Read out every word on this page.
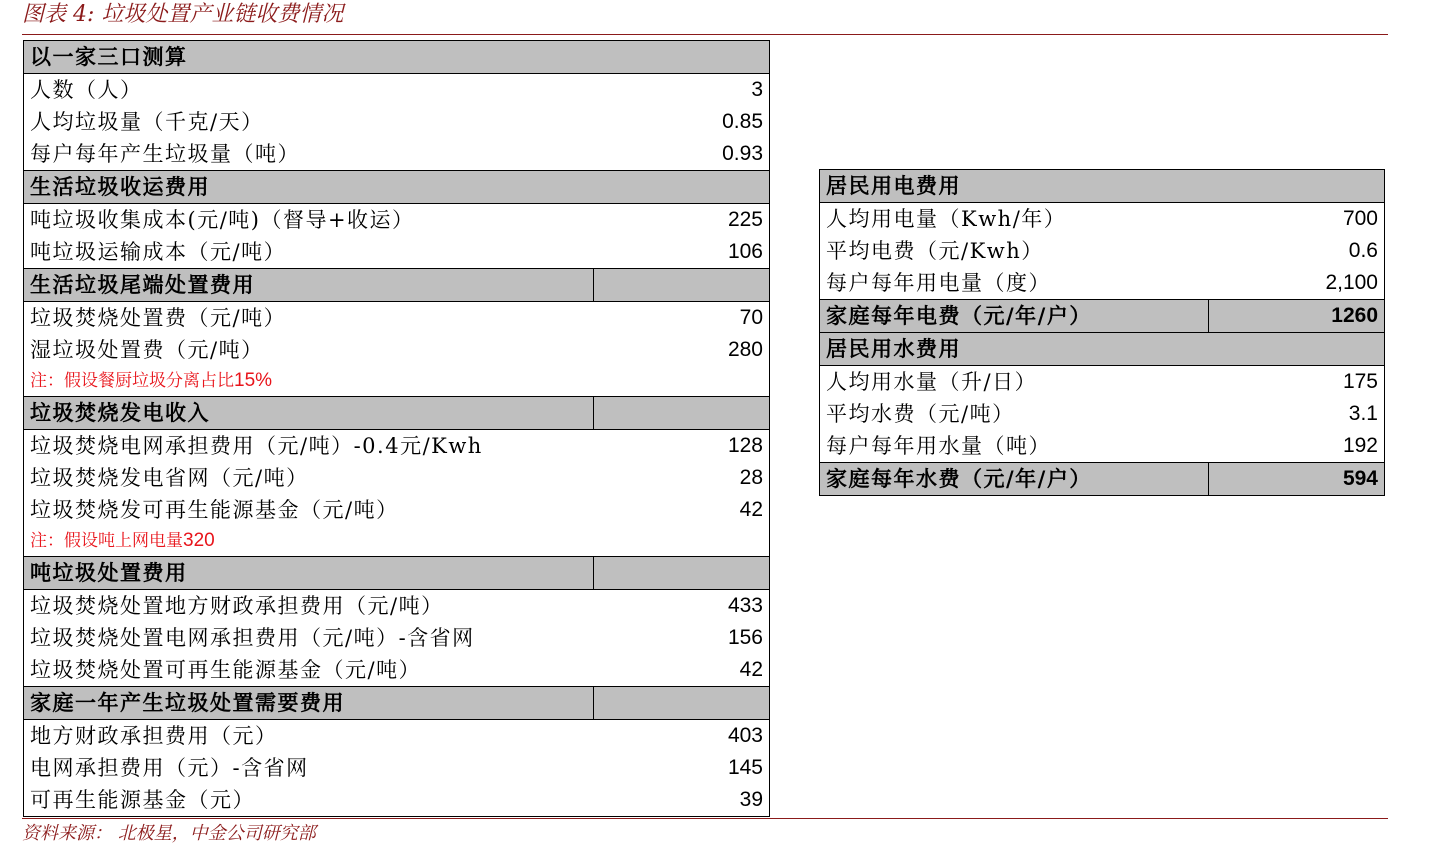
图表 4: 垃圾处置产业链收费情况
以一家三口测算	
人数（人）	3
人均垃圾量（千克/天）	0.85
每户每年产生垃圾量（吨）	0.93
生活垃圾收运费用	
吨垃圾收集成本(元/吨)（督导+收运）	225
吨垃圾运输成本（元/吨）	106
生活垃圾尾端处置费用	
垃圾焚烧处置费（元/吨）	70
湿垃圾处置费（元/吨）	280
注：假设餐厨垃圾分离占比15%	
垃圾焚烧发电收入	
垃圾焚烧电网承担费用（元/吨）-0.4元/Kwh	128
垃圾焚烧发电省网（元/吨）	28
垃圾焚烧发可再生能源基金（元/吨）	42
注：假设吨上网电量320	
吨垃圾处置费用	
垃圾焚烧处置地方财政承担费用（元/吨）	433
垃圾焚烧处置电网承担费用（元/吨）-含省网	156
垃圾焚烧处置可再生能源基金（元/吨）	42
家庭一年产生垃圾处置需要费用	
地方财政承担费用（元）	403
电网承担费用（元）-含省网	145
可再生能源基金（元）	39
居民用电费用	
人均用电量（Kwh/年）	700
平均电费（元/Kwh）	0.6
每户每年用电量（度）	2,100
家庭每年电费（元/年/户）	1260
居民用水费用	
人均用水量（升/日）	175
平均水费（元/吨）	3.1
每户每年用水量（吨）	192
家庭每年水费（元/年/户）	594
资料来源： 北极星，中金公司研究部
